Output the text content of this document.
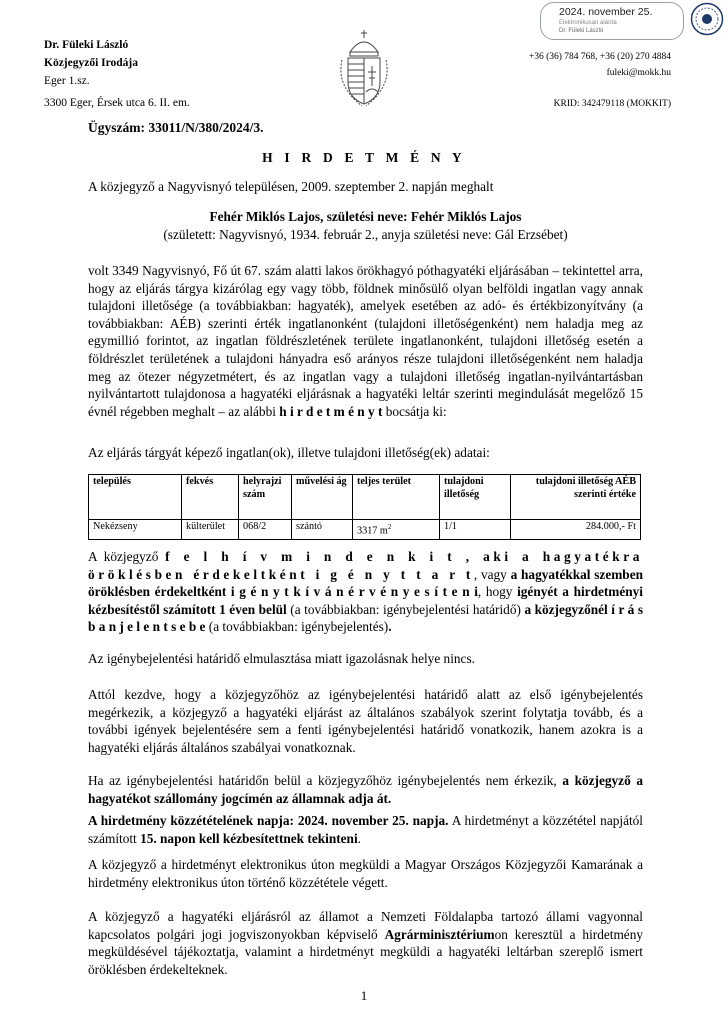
2024. november 25.
Elektronikusan aláírta
Dr. Füleki László
Dr. Füleki László
Közjegyzői Irodája
Eger 1.sz.
3300 Eger, Érsek utca 6. II. em.
+36 (36) 784 768, +36 (20) 270 4884
fuleki@mokk.hu
KRID: 342479118 (MOKKIT)
Ügyszám: 33011/N/380/2024/3.
H I R D E T M É N Y
A közjegyző a Nagyvisnyó településen, 2009. szeptember 2. napján meghalt
Fehér Miklós Lajos, születési neve: Fehér Miklós Lajos
(született: Nagyvisnyó, 1934. február 2., anyja születési neve: Gál Erzsébet)
volt 3349 Nagyvisnyó, Fő út 67. szám alatti lakos örökhagyó póthagyatéki eljárásában – tekintettel arra, hogy az eljárás tárgya kizárólag egy vagy több, földnek minősülő olyan belföldi ingatlan vagy annak tulajdoni illetősége (a továbbiakban: hagyaték), amelyek esetében az adó- és értékbizonyítvány (a továbbiakban: AÉB) szerinti érték ingatlanonként (tulajdoni illetőségenként) nem haladja meg az egymillió forintot, az ingatlan földrészletének területe ingatlanonként, tulajdoni illetőség esetén a földrészlet területének a tulajdoni hányadra eső arányos része tulajdoni illetőségenként nem haladja meg az ötezer négyzetmétert, és az ingatlan vagy a tulajdoni illetőség ingatlan-nyilvántartásban nyilvántartott tulajdonosa a hagyatéki eljárásnak a hagyatéki leltár szerinti megindulását megelőző 15 évnél régebben meghalt – az alábbi h i r d e t m é n y t bocsátja ki:
Az eljárás tárgyát képező ingatlan(ok), illetve tulajdoni illetőség(ek) adatai:
település	fekvés	helyrajzi szám	művelési ág	teljes terület	tulajdoni illetőség	tulajdoni illetőség AÉB szerinti értéke
Nekézseny	külterület	068/2	szántó	3317 $m^2$	1/1	284.000,- Ft
A közjegyző f e l h í v m i n d e n k i t , aki a hagyatékra öröklésben érdekeltként i g é n y t t a r t, vagy a hagyatékkal szemben öröklésben érdekeltként i g é n y t k í v á n é r v é n y e s í t e n i, hogy igényét a hirdetményi kézbesítéstől számított 1 éven belül (a továbbiakban: igénybejelentési határidő) a közjegyzőnél í r á s b a n j e l e n t s e b e (a továbbiakban: igénybejelentés).
Az igénybejelentési határidő elmulasztása miatt igazolásnak helye nincs.
Attól kezdve, hogy a közjegyzőhöz az igénybejelentési határidő alatt az első igénybejelentés megérkezik, a közjegyző a hagyatéki eljárást az általános szabályok szerint folytatja tovább, és a további igények bejelentésére sem a fenti igénybejelentési határidő vonatkozik, hanem azokra is a hagyatéki eljárás általános szabályai vonatkoznak.
Ha az igénybejelentési határidőn belül a közjegyzőhöz igénybejelentés nem érkezik, a közjegyző a hagyatékot szállomány jogcímén az államnak adja át.
A hirdetmény közzétételének napja: 2024. november 25. napja. A hirdetményt a közzététel napjától számított 15. napon kell kézbesítettnek tekinteni.
A közjegyző a hirdetményt elektronikus úton megküldi a Magyar Országos Közjegyzői Kamarának a hirdetmény elektronikus úton történő közzététele végett.
A közjegyző a hagyatéki eljárásról az államot a Nemzeti Földalapba tartozó állami vagyonnal kapcsolatos polgári jogi jogviszonyokban képviselő Agrárminisztériumon keresztül a hirdetmény megküldésével tájékoztatja, valamint a hirdetményt megküldi a hagyatéki leltárban szereplő ismert öröklésben érdekelteknek.
1
